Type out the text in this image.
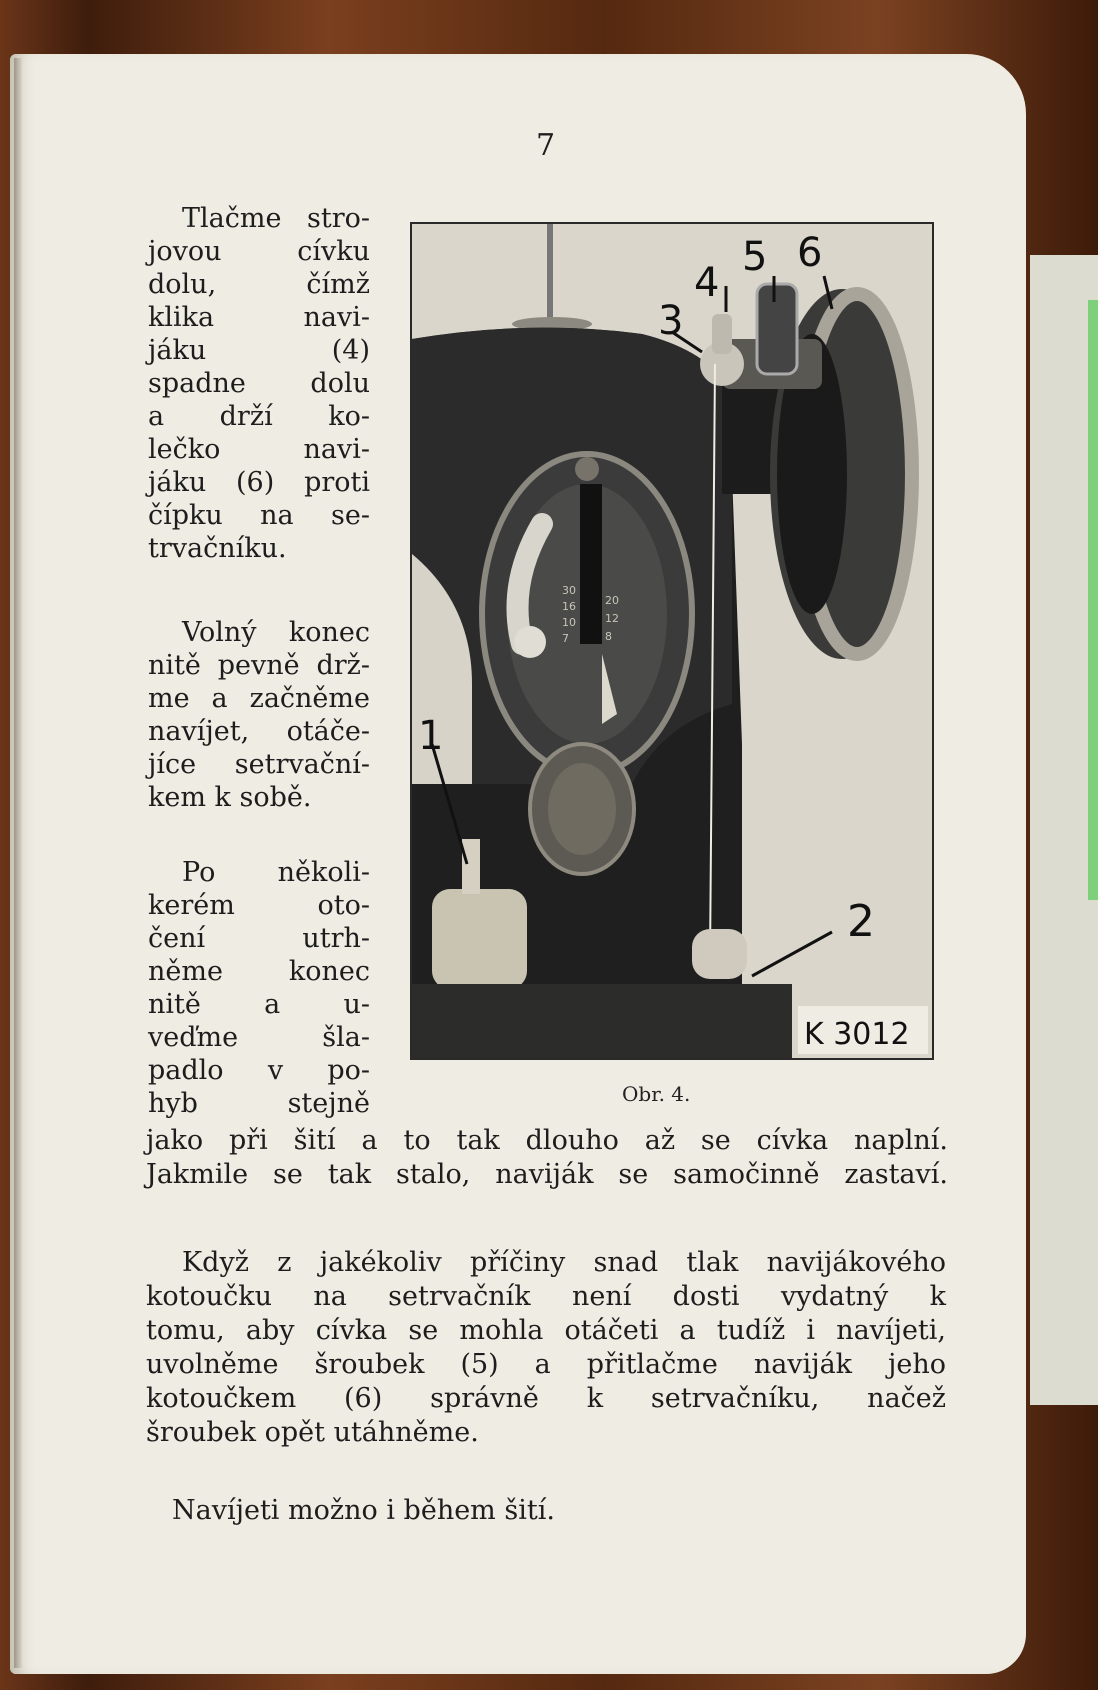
7
Tlačme stro-
jovou cívku
dolu, čímž
klika navi-
jáku (4)
spadne dolu
a drží ko-
lečko navi-
jáku (6) proti
čípku na se-
trvačníku.
Volný konec
nitě pevně drž-
me a začněme
navíjet, otáče-
jíce setrvační-
kem k sobě.
Po několi-
kerém oto-
čení utrh-
něme konec
nitě a u-
veďme šla-
padlo v po-
hyb stejně
jako při šití a to tak dlouho až se cívka naplní.
Jakmile se tak stalo, naviják se samočinně zastaví.
30
16
10
7
20
12
8
1
2
3
4
5 6
K 3012
Obr. 4.
Když z jakékoliv příčiny snad tlak navijákového
kotoučku na setrvačník není dosti vydatný k
tomu, aby cívka se mohla otáčeti a tudíž i navíjeti,
uvolněme šroubek (5) a přitlačme naviják jeho
kotoučkem (6) správně k setrvačníku, načež
šroubek opět utáhněme.
Navíjeti možno i během šití.
